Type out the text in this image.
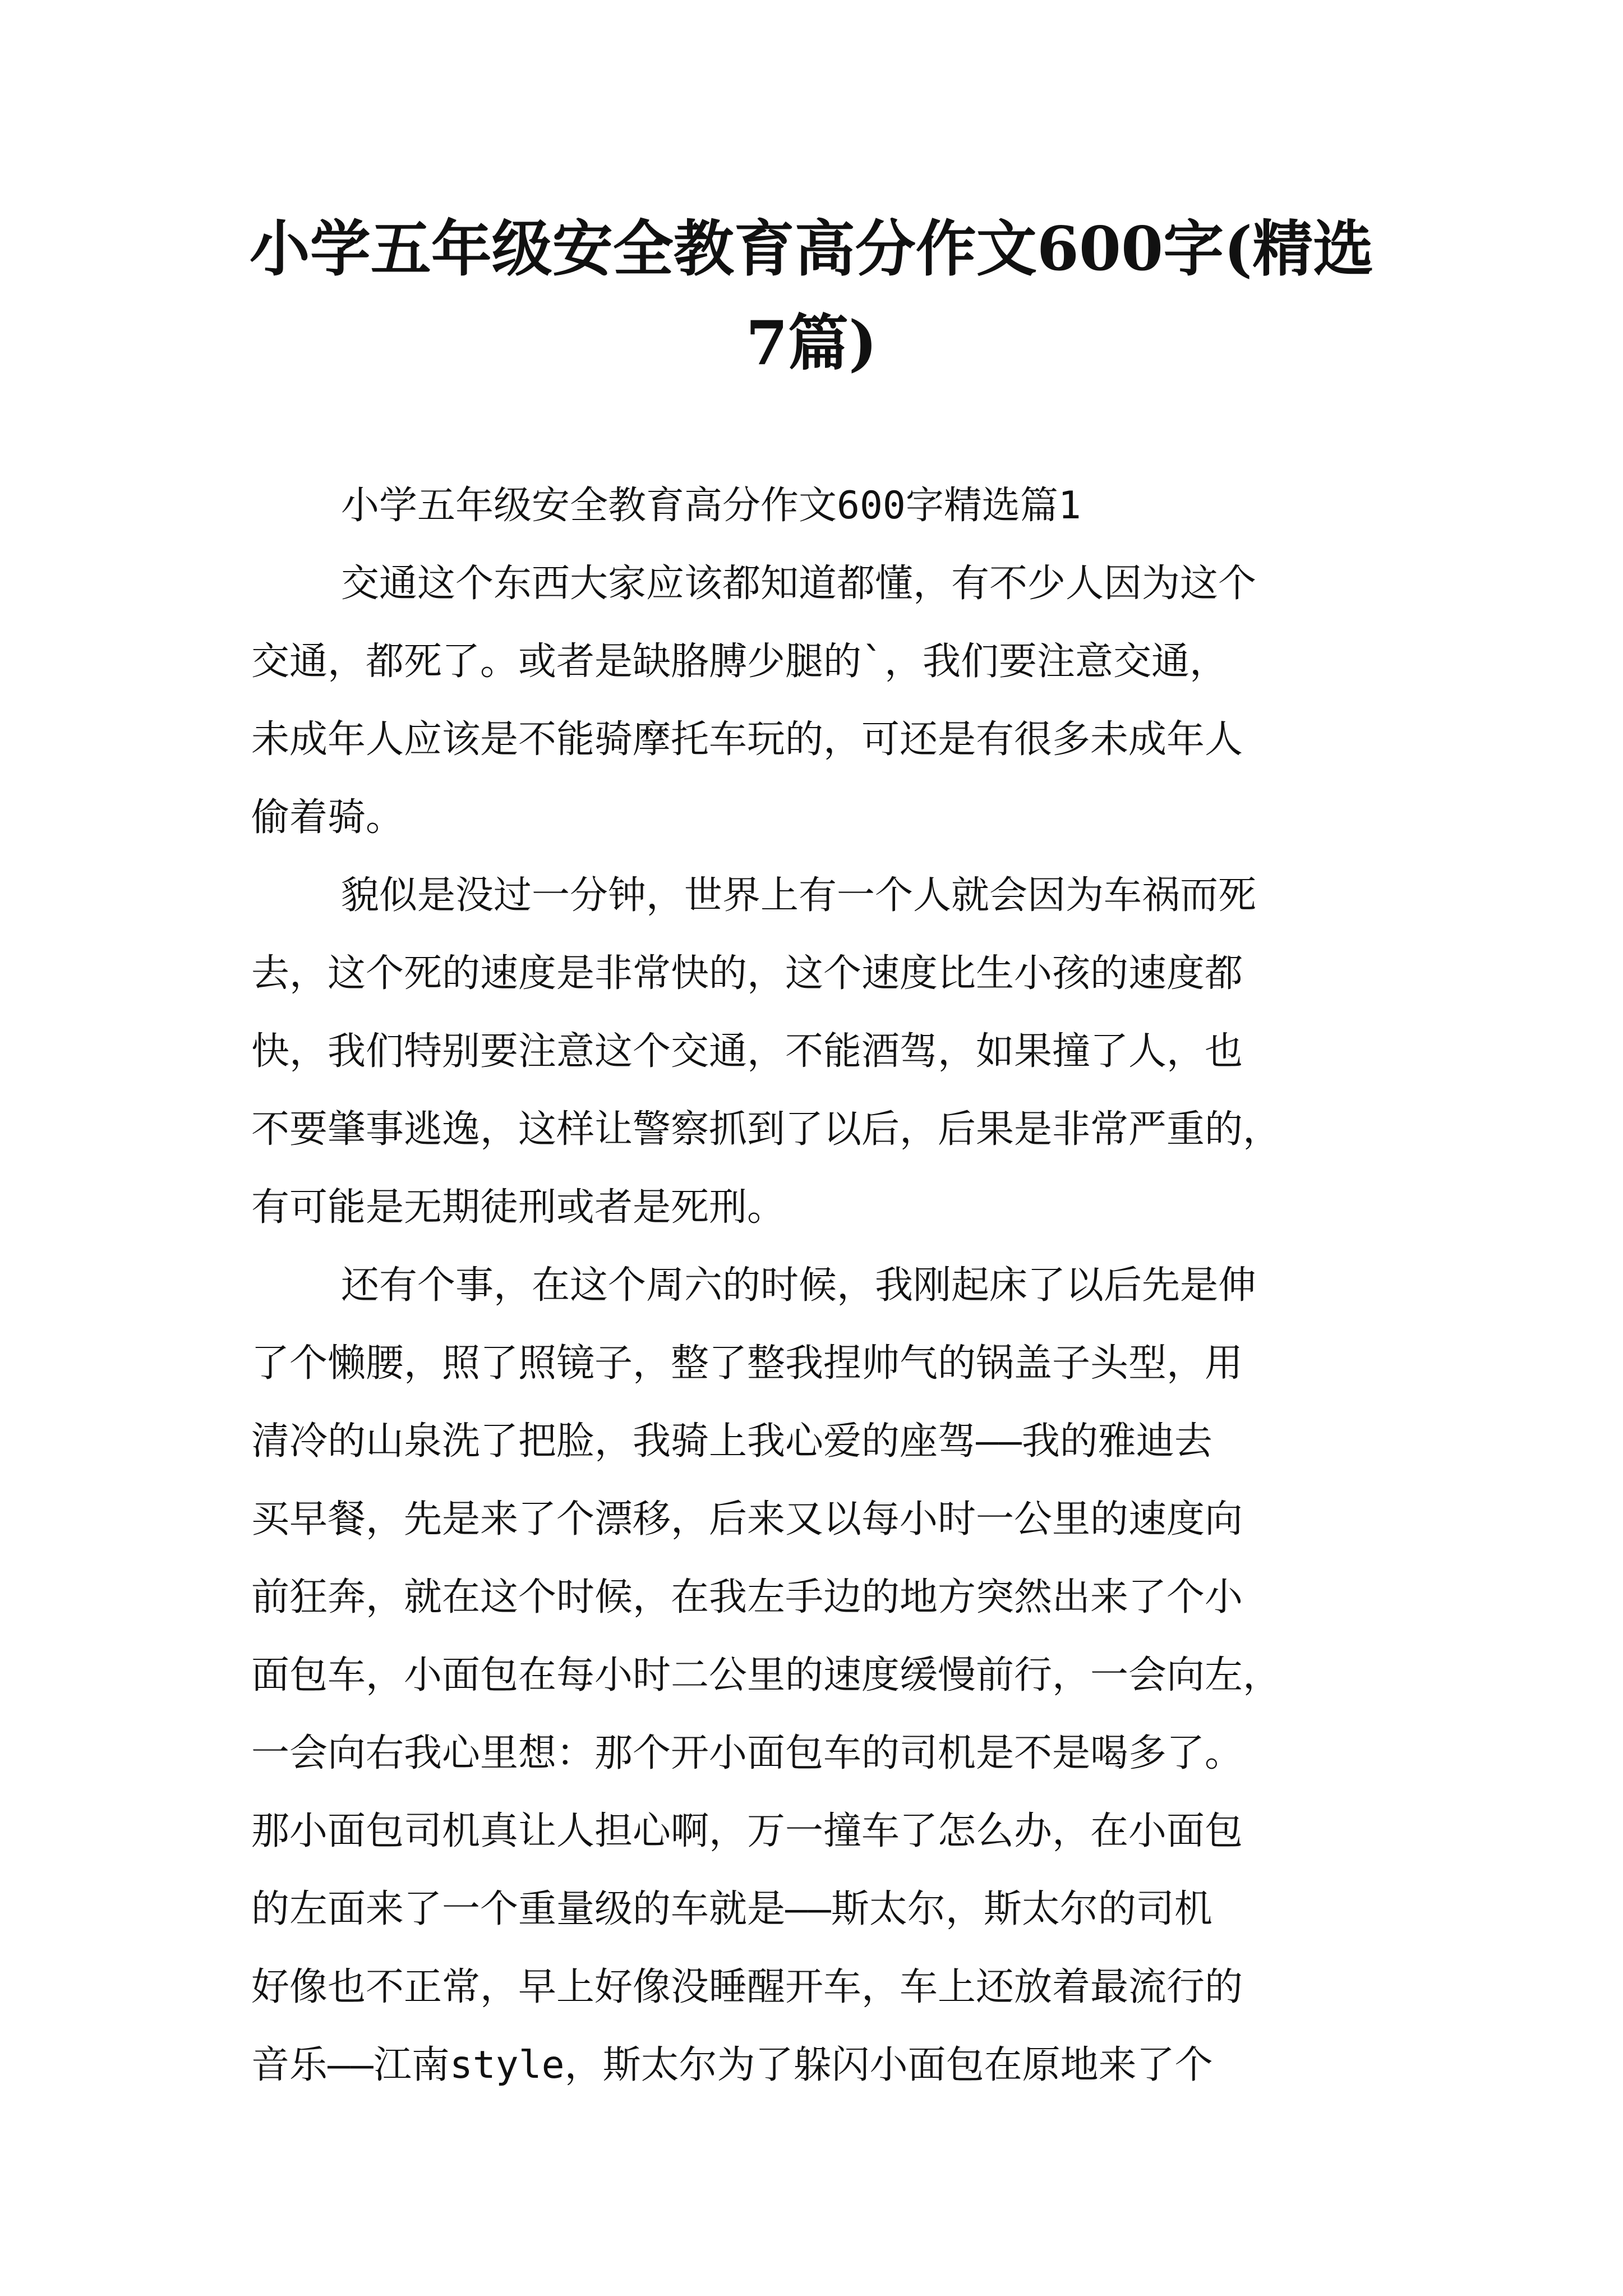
小学五年级安全教育高分作文600字(精选
7篇)
小学五年级安全教育高分作文600字精选篇1
交通这个东西大家应该都知道都懂，有不少人因为这个
交通，都死了。或者是缺胳膊少腿的`，我们要注意交通，
未成年人应该是不能骑摩托车玩的，可还是有很多未成年人
偷着骑。
貌似是没过一分钟，世界上有一个人就会因为车祸而死
去，这个死的速度是非常快的，这个速度比生小孩的速度都
快，我们特别要注意这个交通，不能酒驾，如果撞了人，也
不要肇事逃逸，这样让警察抓到了以后，后果是非常严重的，
有可能是无期徒刑或者是死刑。
还有个事，在这个周六的时候，我刚起床了以后先是伸
了个懒腰，照了照镜子，整了整我捏帅气的锅盖子头型，用
清冷的山泉洗了把脸，我骑上我心爱的座驾——我的雅迪去
买早餐，先是来了个漂移，后来又以每小时一公里的速度向
前狂奔，就在这个时候，在我左手边的地方突然出来了个小
面包车，小面包在每小时二公里的速度缓慢前行，一会向左，
一会向右我心里想：那个开小面包车的司机是不是喝多了。
那小面包司机真让人担心啊，万一撞车了怎么办，在小面包
的左面来了一个重量级的车就是——斯太尔，斯太尔的司机
好像也不正常，早上好像没睡醒开车，车上还放着最流行的
音乐——江南style，斯太尔为了躲闪小面包在原地来了个
